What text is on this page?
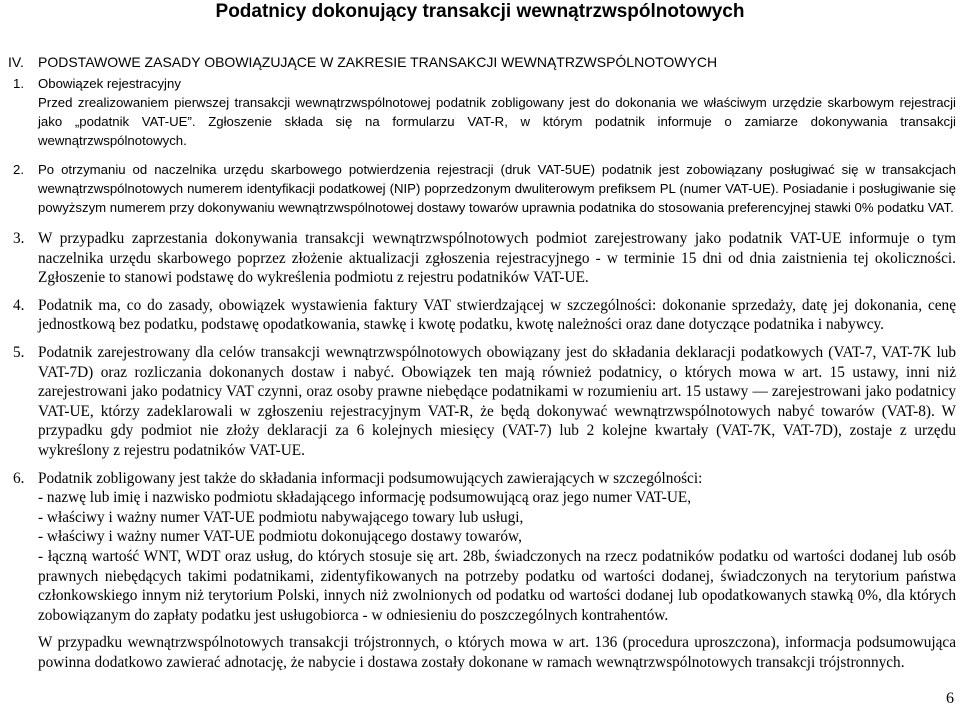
Podatnicy dokonujący transakcji wewnątrzwspólnotowych
IV. PODSTAWOWE ZASADY OBOWIĄZUJĄCE W ZAKRESIE TRANSAKCJI WEWNĄTRZWSPÓLNOTOWYCH
1. Obowiązek rejestracyjny

Przed zrealizowaniem pierwszej transakcji wewnątrzwspólnotowej podatnik zobligowany jest do dokonania we właściwym urzędzie skarbowym rejestracji jako „podatnik VAT-UE”. Zgłoszenie składa się na formularzu VAT-R, w którym podatnik informuje o zamiarze dokonywania transakcji wewnątrzwspólnotowych.

2. Po otrzymaniu od naczelnika urzędu skarbowego potwierdzenia rejestracji (druk VAT-5UE) podatnik jest zobowiązany posługiwać się w transakcjach wewnątrzwspólnotowych numerem identyfikacji podatkowej (NIP) poprzedzonym dwuliterowym prefiksem PL (numer VAT-UE). Posiadanie i posługiwanie się powyższym numerem przy dokonywaniu wewnątrzwspólnotowej dostawy towarów uprawnia podatnika do stosowania preferencyjnej stawki 0% podatku VAT.

3. W przypadku zaprzestania dokonywania transakcji wewnątrzwspólnotowych podmiot zarejestrowany jako podatnik VAT-UE informuje o tym naczelnika urzędu skarbowego poprzez złożenie aktualizacji zgłoszenia rejestracyjnego - w terminie 15 dni od dnia zaistnienia tej okoliczności. Zgłoszenie to stanowi podstawę do wykreślenia podmiotu z rejestru podatników VAT-UE.

4. Podatnik ma, co do zasady, obowiązek wystawienia faktury VAT stwierdzającej w szczególności: dokonanie sprzedaży, datę jej dokonania, cenę jednostkową bez podatku, podstawę opodatkowania, stawkę i kwotę podatku, kwotę należności oraz dane dotyczące podatnika i nabywcy.

5. Podatnik zarejestrowany dla celów transakcji wewnątrzwspólnotowych obowiązany jest do składania deklaracji podatkowych (VAT-7, VAT-7K lub VAT-7D) oraz rozliczania dokonanych dostaw i nabyć. Obowiązek ten mają również podatnicy, o których mowa w art. 15 ustawy, inni niż zarejestrowani jako podatnicy VAT czynni, oraz osoby prawne niebędące podatnikami w rozumieniu art. 15 ustawy — zarejestrowani jako podatnicy VAT-UE, którzy zadeklarowali w zgłoszeniu rejestracyjnym VAT-R, że będą dokonywać wewnątrzwspólnotowych nabyć towarów (VAT-8). W przypadku gdy podmiot nie złoży deklaracji za 6 kolejnych miesięcy (VAT-7) lub 2 kolejne kwartały (VAT-7K, VAT-7D), zostaje z urzędu wykreślony z rejestru podatników VAT-UE.

6. Podatnik zobligowany jest także do składania informacji podsumowujących zawierających w szczególności:

- nazwę lub imię i nazwisko podmiotu składającego informację podsumowującą oraz jego numer VAT-UE,

- właściwy i ważny numer VAT-UE podmiotu nabywającego towary lub usługi,

- właściwy i ważny numer VAT-UE podmiotu dokonującego dostawy towarów,

- łączną wartość WNT, WDT oraz usług, do których stosuje się art. 28b, świadczonych na rzecz podatników podatku od wartości dodanej lub osób prawnych niebędących takimi podatnikami, zidentyfikowanych na potrzeby podatku od wartości dodanej, świadczonych na terytorium państwa członkowskiego innym niż terytorium Polski, innych niż zwolnionych od podatku od wartości dodanej lub opodatkowanych stawką 0%, dla których zobowiązanym do zapłaty podatku jest usługobiorca - w odniesieniu do poszczególnych kontrahentów.

W przypadku wewnątrzwspólnotowych transakcji trójstronnych, o których mowa w art. 136 (procedura uproszczona), informacja podsumowująca powinna dodatkowo zawierać adnotację, że nabycie i dostawa zostały dokonane w ramach wewnątrzwspólnotowych transakcji trójstronnych.

6
